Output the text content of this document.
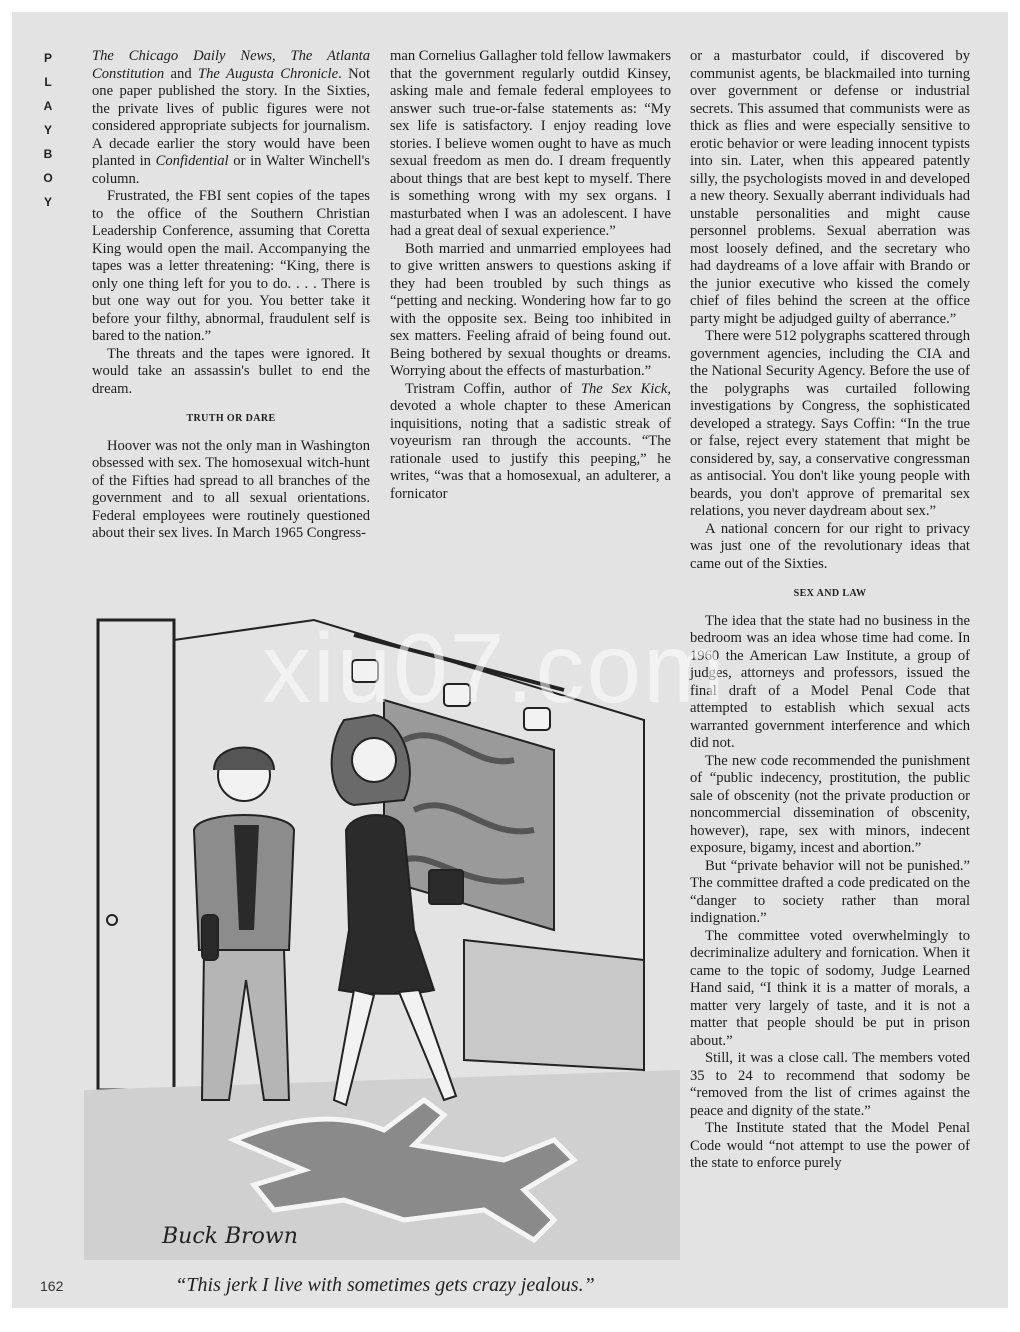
P
L
A
Y
B
O
Y

The Chicago Daily News, The Atlanta Constitution and The Augusta Chronicle. Not one paper published the story. In the Sixties, the private lives of public figures were not considered appropriate subjects for journalism. A decade earlier the story would have been planted in Confidential or in Walter Winchell's column.

Frustrated, the FBI sent copies of the tapes to the office of the Southern Christian Leadership Conference, assuming that Coretta King would open the mail. Accompanying the tapes was a letter threatening: “King, there is only one thing left for you to do. . . . There is but one way out for you. You better take it before your filthy, abnormal, fraudulent self is bared to the nation.”

The threats and the tapes were ignored. It would take an assassin's bullet to end the dream.

TRUTH OR DARE

Hoover was not the only man in Washington obsessed with sex. The homosexual witch-hunt of the Fifties had spread to all branches of the government and to all sexual orientations. Federal employees were routinely questioned about their sex lives. In March 1965 Congress-

man Cornelius Gallagher told fellow lawmakers that the government regularly outdid Kinsey, asking male and female federal employees to answer such true-or-false statements as: “My sex life is satisfactory. I enjoy reading love stories. I believe women ought to have as much sexual freedom as men do. I dream frequently about things that are best kept to myself. There is something wrong with my sex organs. I masturbated when I was an adolescent. I have had a great deal of sexual experience.”

Both married and unmarried employees had to give written answers to questions asking if they had been troubled by such things as “petting and necking. Wondering how far to go with the opposite sex. Being too inhibited in sex matters. Feeling afraid of being found out. Being bothered by sexual thoughts or dreams. Worrying about the effects of masturbation.”

Tristram Coffin, author of The Sex Kick, devoted a whole chapter to these American inquisitions, noting that a sadistic streak of voyeurism ran through the accounts. “The rationale used to justify this peeping,” he writes, “was that a homosexual, an adulterer, a fornicator

or a masturbator could, if discovered by communist agents, be blackmailed into turning over government or defense or industrial secrets. This assumed that communists were as thick as flies and were especially sensitive to erotic behavior or were leading innocent typists into sin. Later, when this appeared patently silly, the psychologists moved in and developed a new theory. Sexually aberrant individuals had unstable personalities and might cause personnel problems. Sexual aberration was most loosely defined, and the secretary who had daydreams of a love affair with Brando or the junior executive who kissed the comely chief of files behind the screen at the office party might be adjudged guilty of aberrance.”

There were 512 polygraphs scattered through government agencies, including the CIA and the National Security Agency. Before the use of the polygraphs was curtailed following investigations by Congress, the sophisticated developed a strategy. Says Coffin: “In the true or false, reject every statement that might be considered by, say, a conservative congressman as antisocial. You don't like young people with beards, you don't approve of premarital sex relations, you never daydream about sex.”

A national concern for our right to privacy was just one of the revolutionary ideas that came out of the Sixties.

SEX AND LAW

The idea that the state had no business in the bedroom was an idea whose time had come. In 1960 the American Law Institute, a group of judges, attorneys and professors, issued the final draft of a Model Penal Code that attempted to establish which sexual acts warranted government interference and which did not.

The new code recommended the punishment of “public indecency, prostitution, the public sale of obscenity (not the private production or noncommercial dissemination of obscenity, however), rape, sex with minors, indecent exposure, bigamy, incest and abortion.”

But “private behavior will not be punished.” The committee drafted a code predicated on the “danger to society rather than moral indignation.”

The committee voted overwhelmingly to decriminalize adultery and fornication. When it came to the topic of sodomy, Judge Learned Hand said, “I think it is a matter of morals, a matter very largely of taste, and it is not a matter that people should be put in prison about.”

Still, it was a close call. The members voted 35 to 24 to recommend that sodomy be “removed from the list of crimes against the peace and dignity of the state.”

The Institute stated that the Model Penal Code would “not attempt to use the power of the state to enforce purely

xiu07.com
Buck Brown
“This jerk I live with sometimes gets crazy jealous.”
162
